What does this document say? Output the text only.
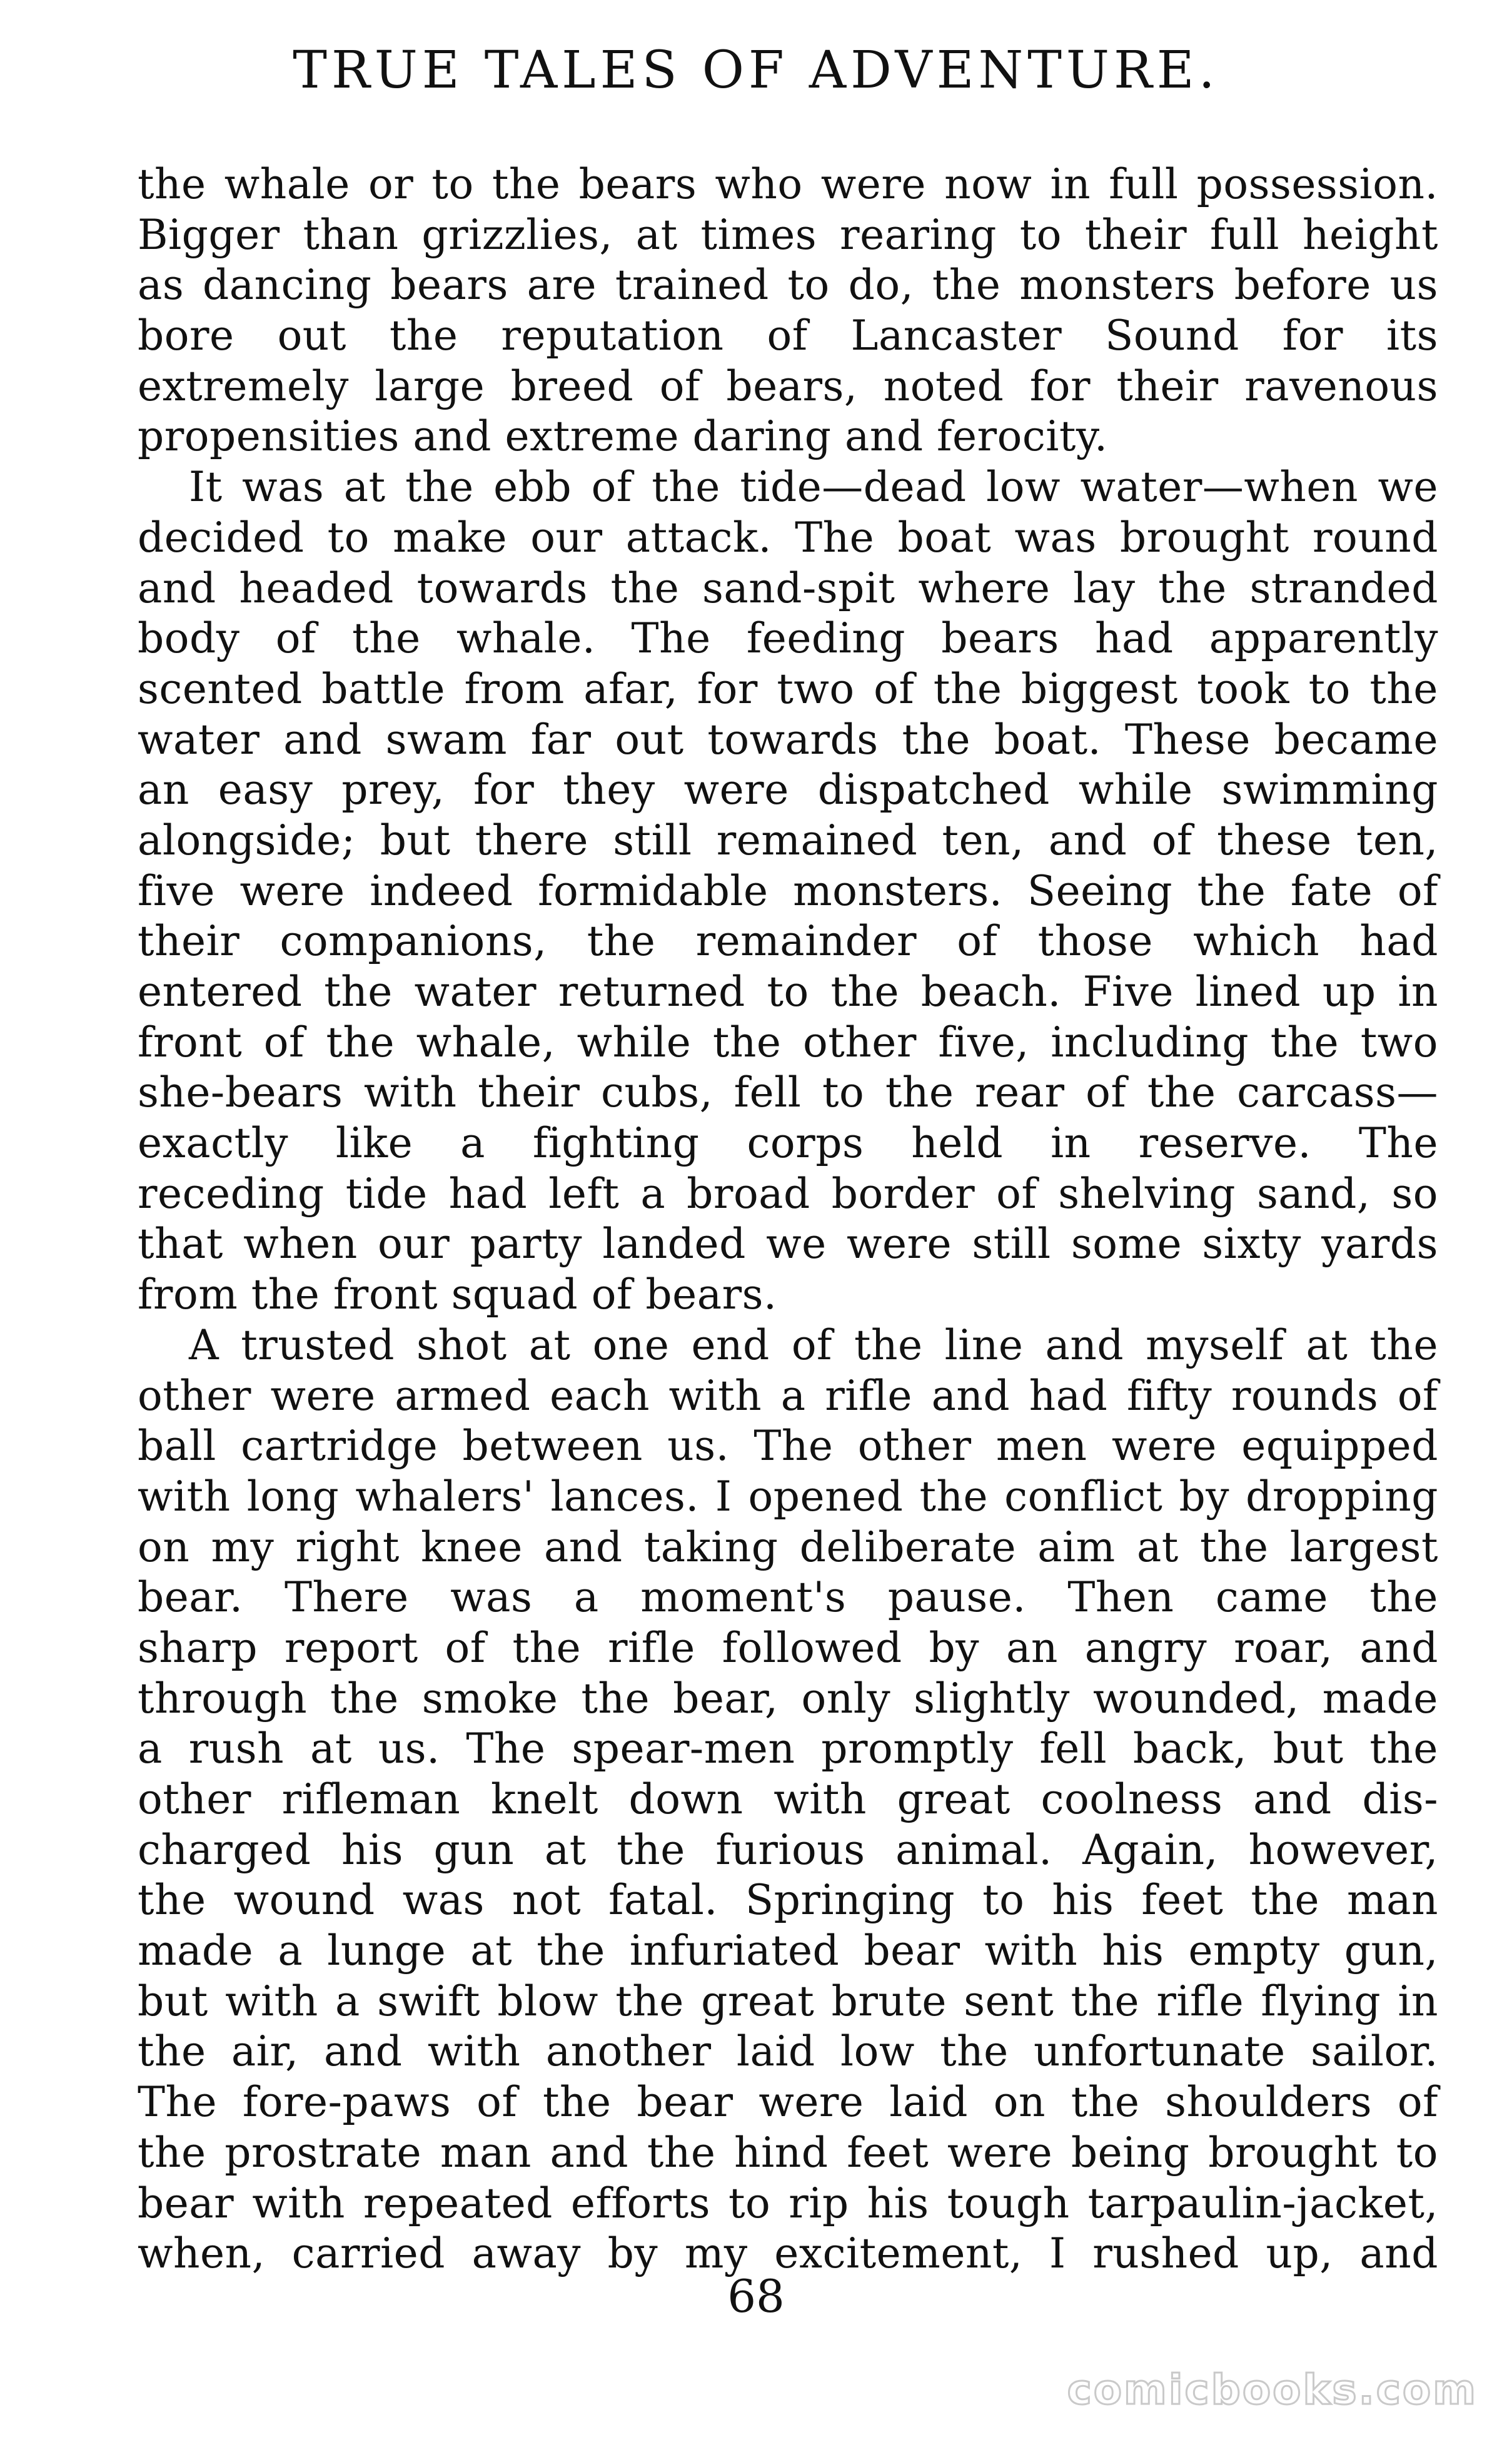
TRUE TALES OF ADVENTURE.
the whale or to the bears who were now in full possession.
Bigger than grizzlies, at times rearing to their full height
as dancing bears are trained to do, the monsters before us
bore out the reputation of Lancaster Sound for its
extremely large breed of bears, noted for their ravenous
propensities and extreme daring and ferocity.
It was at the ebb of the tide—dead low water—when we
decided to make our attack. The boat was brought round
and headed towards the sand-spit where lay the stranded
body of the whale. The feeding bears had apparently
scented battle from afar, for two of the biggest took to the
water and swam far out towards the boat. These became
an easy prey, for they were dispatched while swimming
alongside; but there still remained ten, and of these ten,
five were indeed formidable monsters. Seeing the fate of
their companions, the remainder of those which had
entered the water returned to the beach. Five lined up in
front of the whale, while the other five, including the two
she-bears with their cubs, fell to the rear of the carcass—
exactly like a fighting corps held in reserve. The
receding tide had left a broad border of shelving sand, so
that when our party landed we were still some sixty yards
from the front squad of bears.
A trusted shot at one end of the line and myself at the
other were armed each with a rifle and had fifty rounds of
ball cartridge between us. The other men were equipped
with long whalers' lances. I opened the conflict by dropping
on my right knee and taking deliberate aim at the largest
bear. There was a moment's pause. Then came the
sharp report of the rifle followed by an angry roar, and
through the smoke the bear, only slightly wounded, made
a rush at us. The spear-men promptly fell back, but the
other rifleman knelt down with great coolness and dis-
charged his gun at the furious animal. Again, however,
the wound was not fatal. Springing to his feet the man
made a lunge at the infuriated bear with his empty gun,
but with a swift blow the great brute sent the rifle flying in
the air, and with another laid low the unfortunate sailor.
The fore-paws of the bear were laid on the shoulders of
the prostrate man and the hind feet were being brought to
bear with repeated efforts to rip his tough tarpaulin-jacket,
when, carried away by my excitement, I rushed up, and
68
comicbooks.com
